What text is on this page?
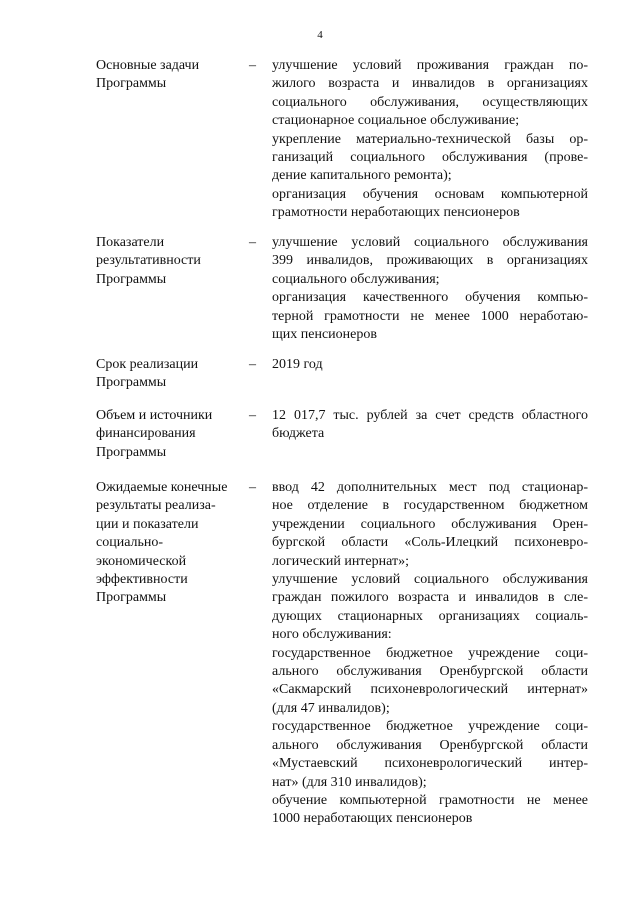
4
Основные задачи
Программы
– улучшение условий проживания граждан по-
жилого возраста и инвалидов в организациях
социального обслуживания, осуществляющих
стационарное социальное обслуживание;
укрепление материально-технической базы ор-
ганизаций социального обслуживания (прове-
дение капитального ремонта);
организация обучения основам компьютерной
грамотности неработающих пенсионеров
Показатели
результативности
Программы
– улучшение условий социального обслуживания
399 инвалидов, проживающих в организациях
социального обслуживания;
организация качественного обучения компью-
терной грамотности не менее 1000 неработаю-
щих пенсионеров
Срок реализации
Программы
– 2019 год
Объем и источники
финансирования
Программы
– 12 017,7 тыс. рублей за счет средств областного
бюджета
Ожидаемые конечные
результаты реализа-
ции и показатели
социально-
экономической
эффективности
Программы
– ввод 42 дополнительных мест под стационар-
ное отделение в государственном бюджетном
учреждении социального обслуживания Орен-
бургской области «Соль-Илецкий психоневро-
логический интернат»;
улучшение условий социального обслуживания
граждан пожилого возраста и инвалидов в сле-
дующих стационарных организациях социаль-
ного обслуживания:
государственное бюджетное учреждение соци-
ального обслуживания Оренбургской области
«Сакмарский психоневрологический интернат»
(для 47 инвалидов);
государственное бюджетное учреждение соци-
ального обслуживания Оренбургской области
«Мустаевский психоневрологический интер-
нат» (для 310 инвалидов);
обучение компьютерной грамотности не менее
1000 неработающих пенсионеров
